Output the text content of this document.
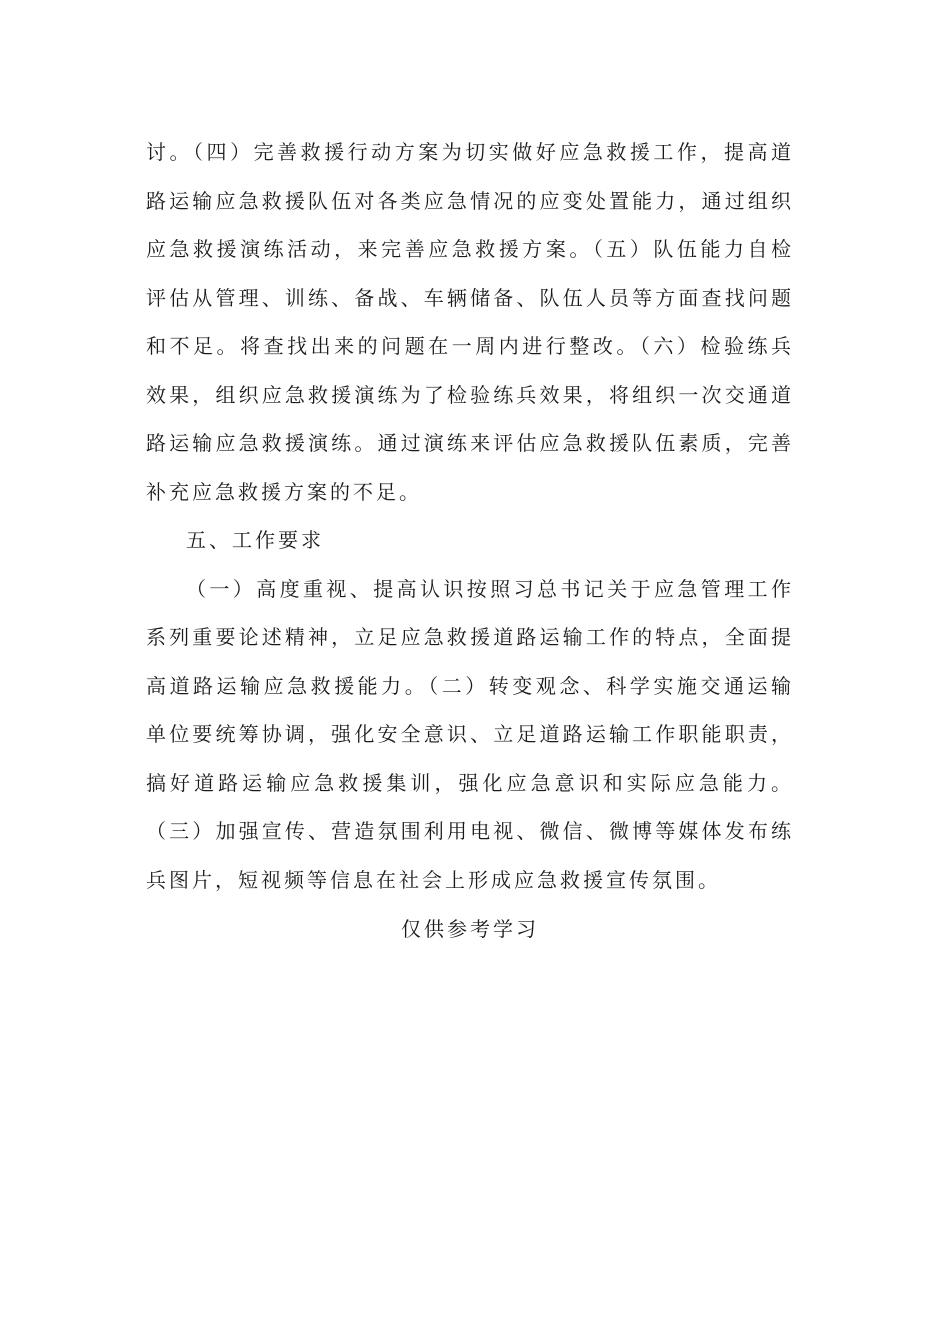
讨。（四）完善救援行动方案为切实做好应急救援工作，提高道路运输应急救援队伍对各类应急情况的应变处置能力，通过组织应急救援演练活动，来完善应急救援方案。（五）队伍能力自检评估从管理、训练、备战、车辆储备、队伍人员等方面查找问题和不足。将查找出来的问题在一周内进行整改。（六）检验练兵效果，组织应急救援演练为了检验练兵效果，将组织一次交通道路运输应急救援演练。通过演练来评估应急救援队伍素质，完善补充应急救援方案的不足。

五、工作要求

（一）高度重视、提高认识按照习总书记关于应急管理工作系列重要论述精神，立足应急救援道路运输工作的特点，全面提高道路运输应急救援能力。（二）转变观念、科学实施交通运输单位要统筹协调，强化安全意识、立足道路运输工作职能职责，搞好道路运输应急救援集训，强化应急意识和实际应急能力。（三）加强宣传、营造氛围利用电视、微信、微博等媒体发布练兵图片，短视频等信息在社会上形成应急救援宣传氛围。

仅供参考学习
